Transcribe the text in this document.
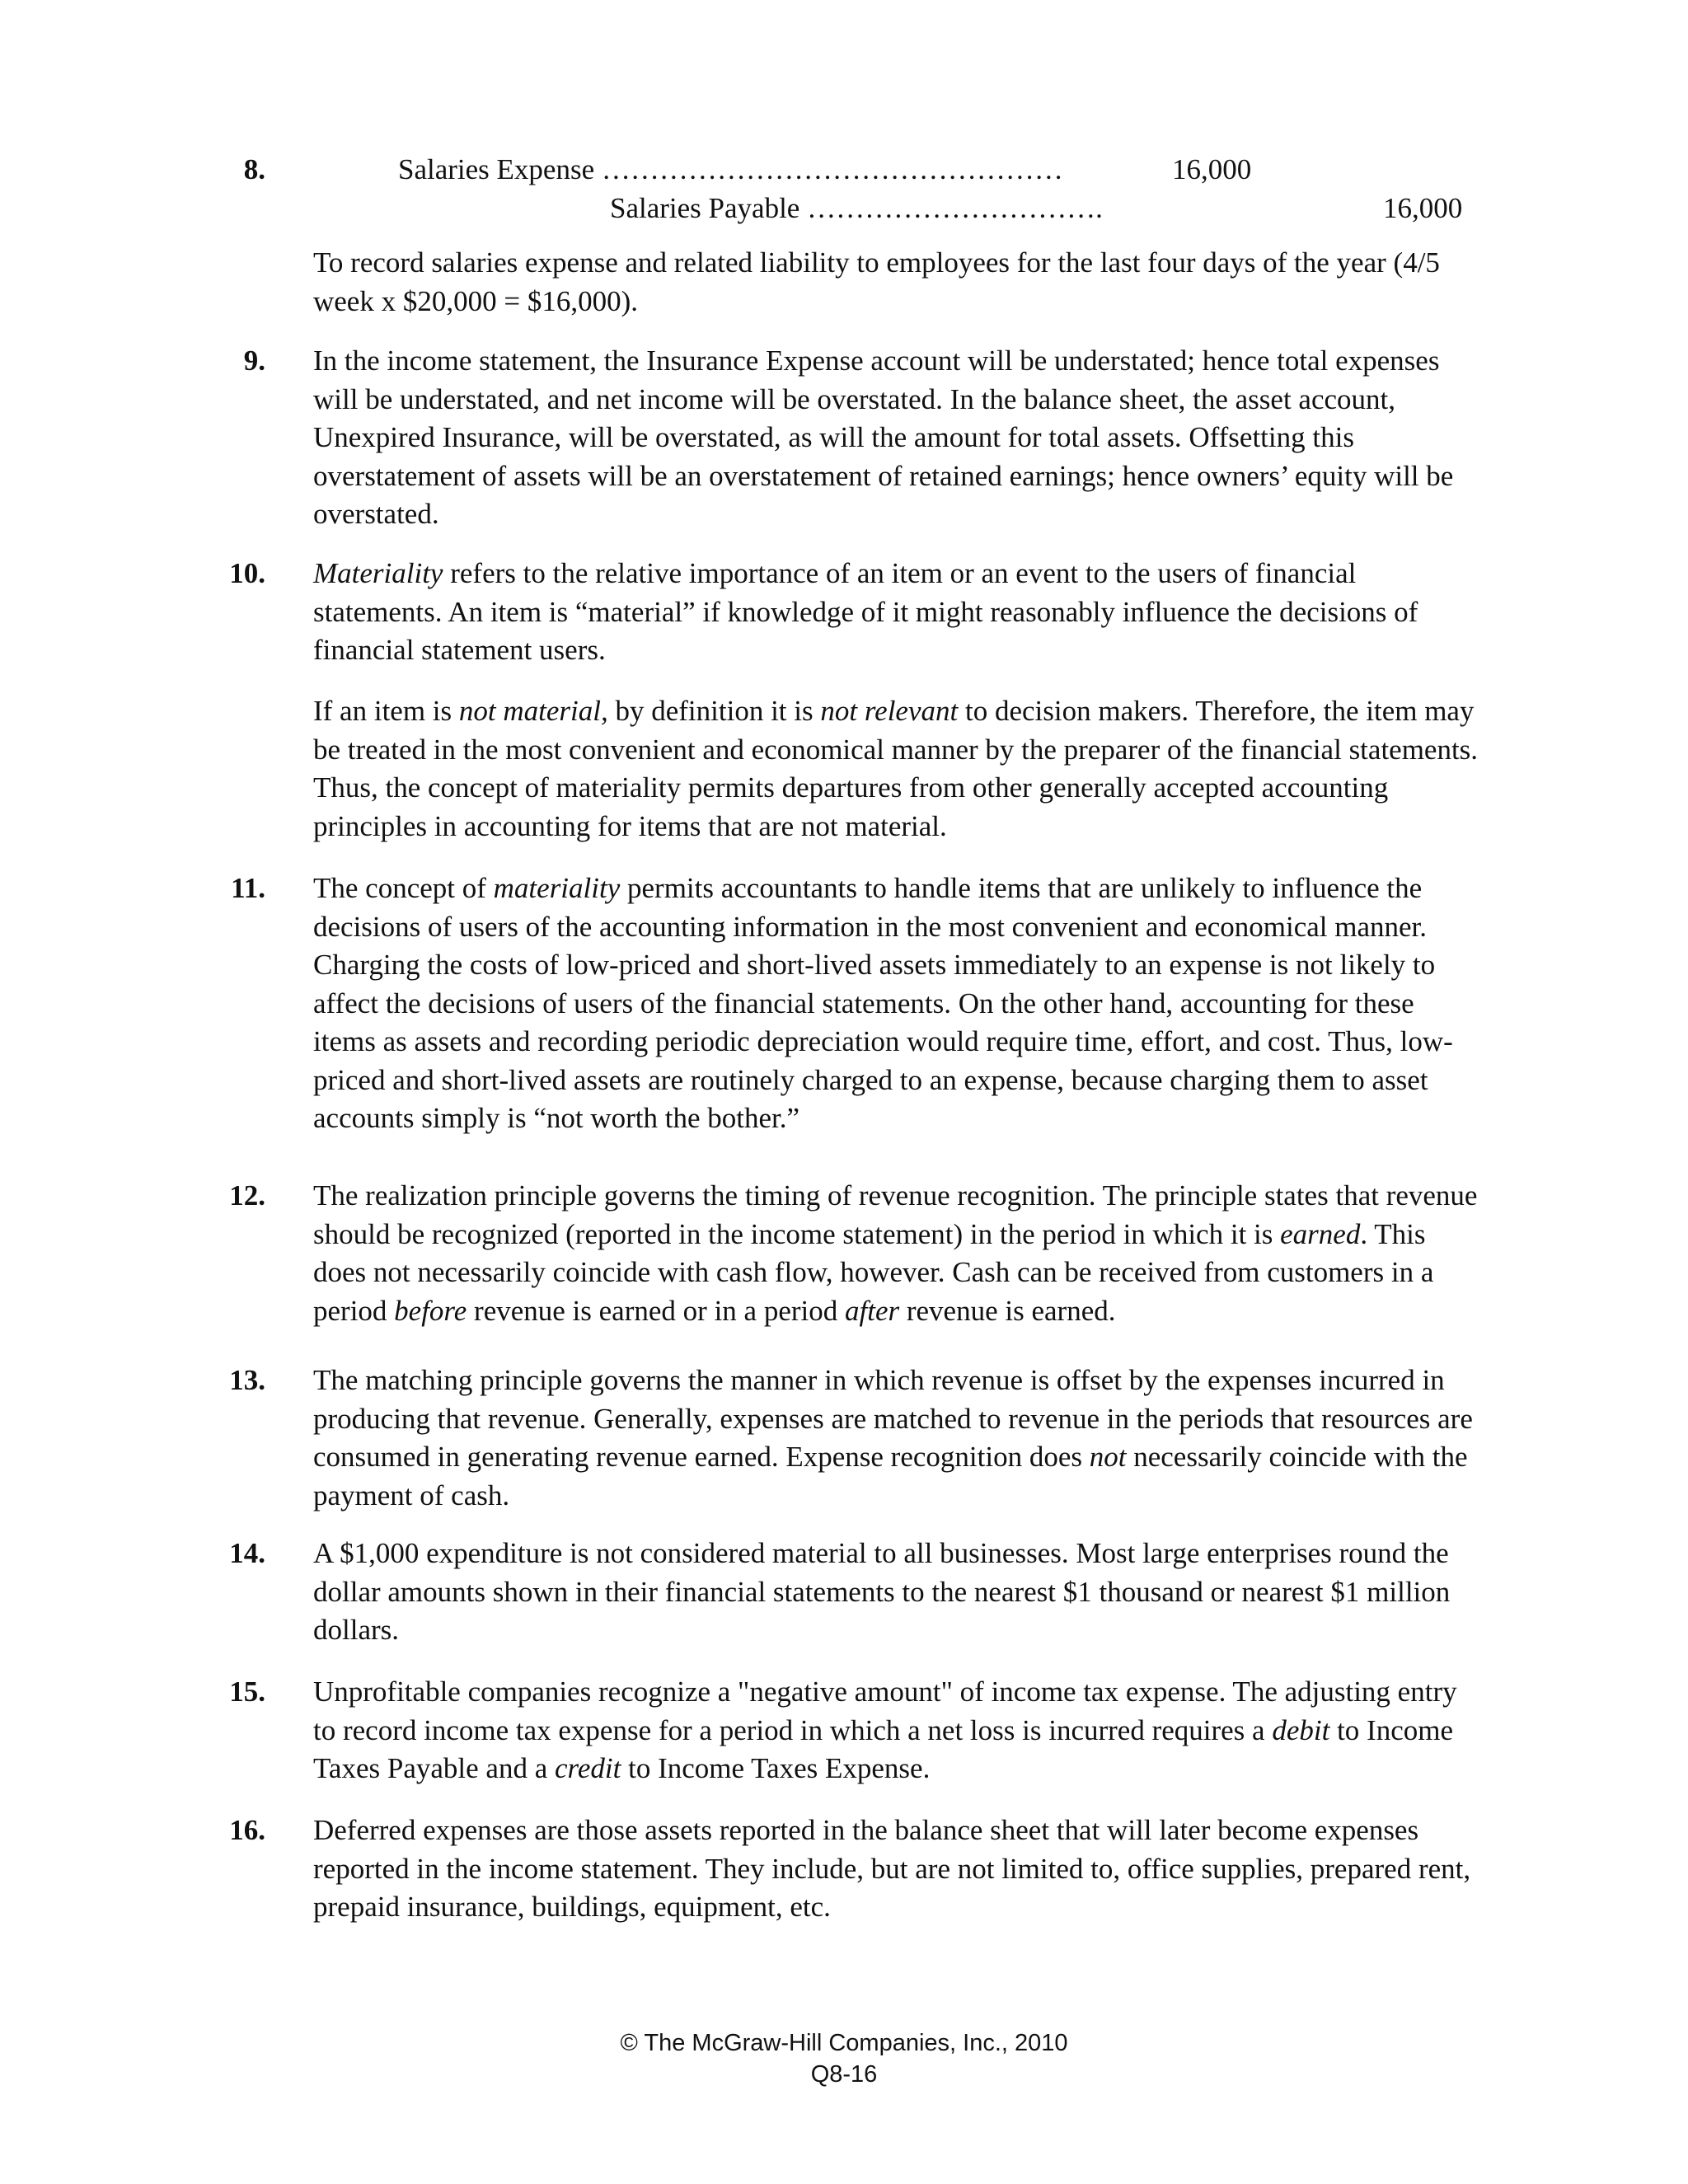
8.	Salaries Expense …………………………………………	16,000
Salaries Payable ………………………….	16,000
To record salaries expense and related liability to employees for the last four days of the year (4/5 week x $20,000 = $16,000).
9. In the income statement, the Insurance Expense account will be understated; hence total expenses will be understated, and net income will be overstated. In the balance sheet, the asset account, Unexpired Insurance, will be overstated, as will the amount for total assets. Offsetting this overstatement of assets will be an overstatement of retained earnings; hence owners’ equity will be overstated.
10. Materiality refers to the relative importance of an item or an event to the users of financial statements. An item is “material” if knowledge of it might reasonably influence the decisions of financial statement users.
If an item is not material, by definition it is not relevant to decision makers. Therefore, the item may be treated in the most convenient and economical manner by the preparer of the financial statements. Thus, the concept of materiality permits departures from other generally accepted accounting principles in accounting for items that are not material.
11. The concept of materiality permits accountants to handle items that are unlikely to influence the decisions of users of the accounting information in the most convenient and economical manner. Charging the costs of low-priced and short-lived assets immediately to an expense is not likely to affect the decisions of users of the financial statements. On the other hand, accounting for these items as assets and recording periodic depreciation would require time, effort, and cost. Thus, low-priced and short-lived assets are routinely charged to an expense, because charging them to asset accounts simply is “not worth the bother.”
12. The realization principle governs the timing of revenue recognition. The principle states that revenue should be recognized (reported in the income statement) in the period in which it is earned. This does not necessarily coincide with cash flow, however. Cash can be received from customers in a period before revenue is earned or in a period after revenue is earned.
13. The matching principle governs the manner in which revenue is offset by the expenses incurred in producing that revenue. Generally, expenses are matched to revenue in the periods that resources are consumed in generating revenue earned. Expense recognition does not necessarily coincide with the payment of cash.
14. A $1,000 expenditure is not considered material to all businesses. Most large enterprises round the dollar amounts shown in their financial statements to the nearest $1 thousand or nearest $1 million dollars.
15. Unprofitable companies recognize a "negative amount" of income tax expense. The adjusting entry to record income tax expense for a period in which a net loss is incurred requires a debit to Income Taxes Payable and a credit to Income Taxes Expense.
16. Deferred expenses are those assets reported in the balance sheet that will later become expenses reported in the income statement. They include, but are not limited to, office supplies, prepared rent, prepaid insurance, buildings, equipment, etc.
© The McGraw-Hill Companies, Inc., 2010
Q8-16
